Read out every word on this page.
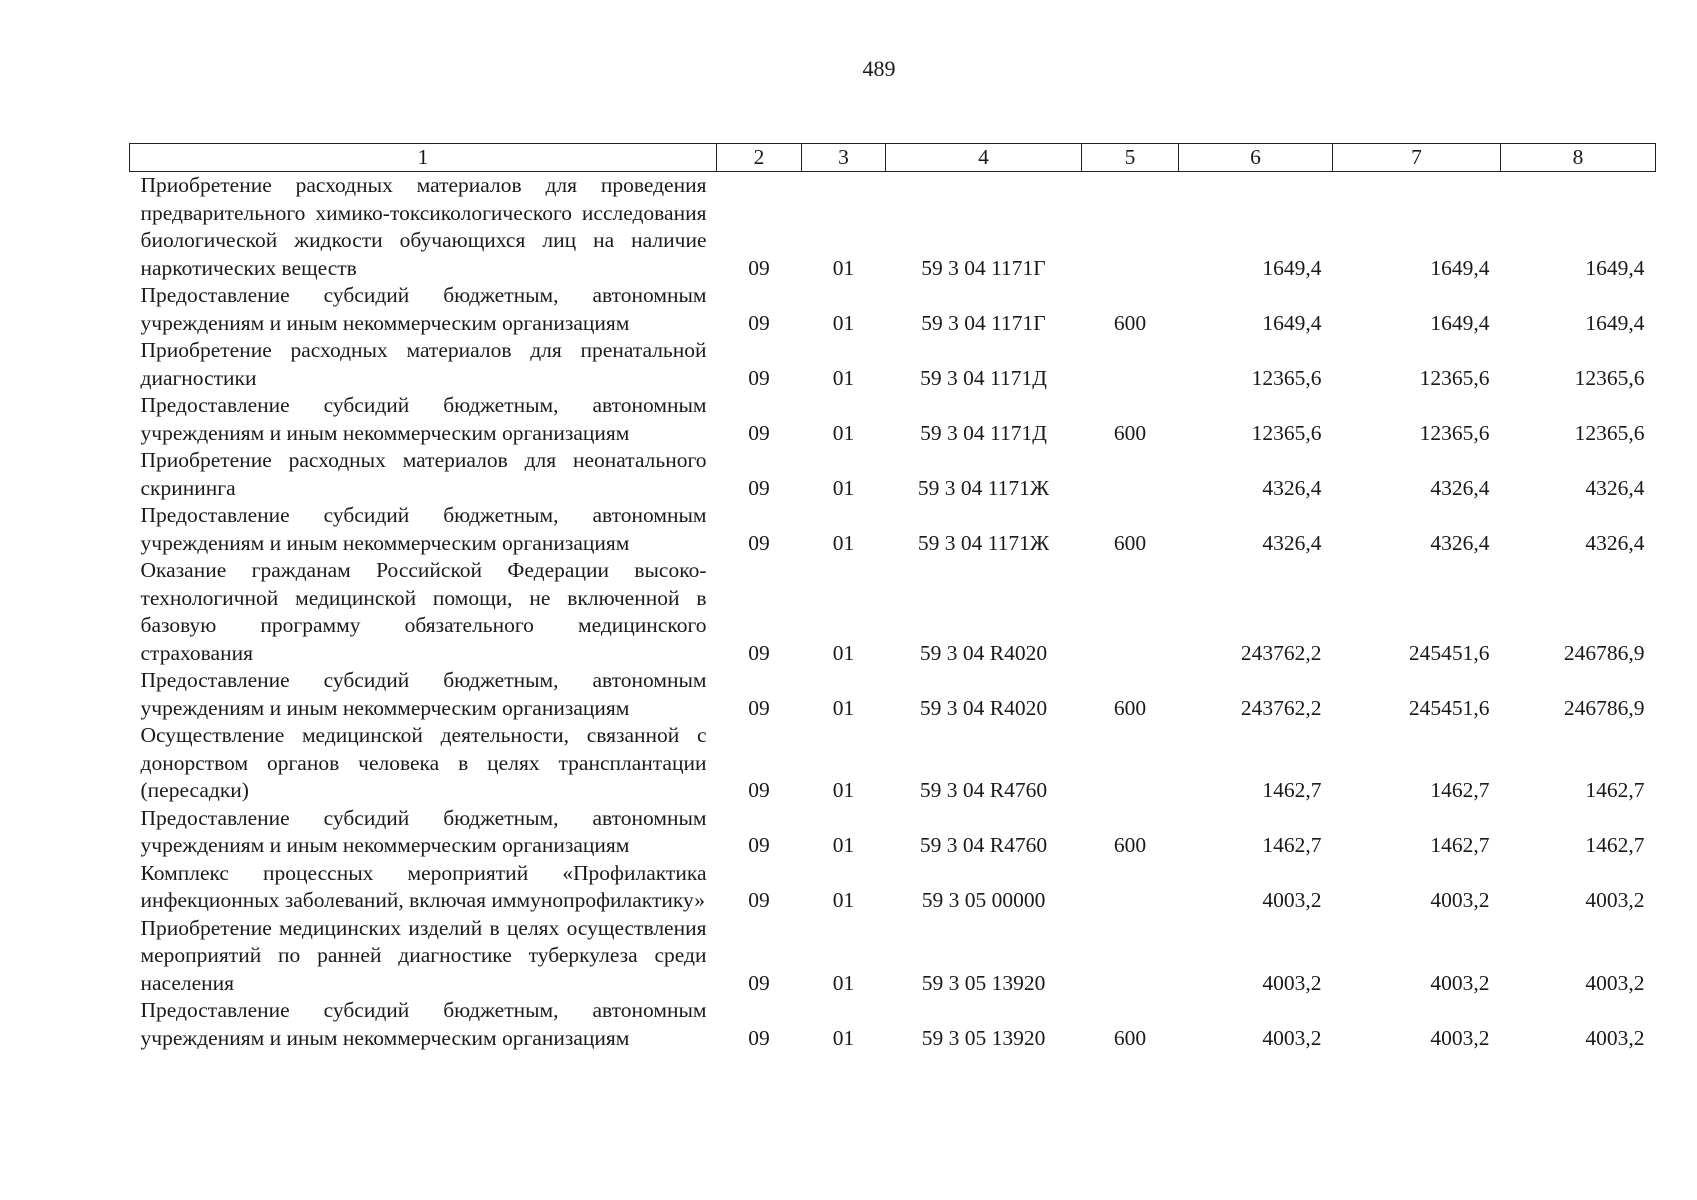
489
1	2	3	4	5	6	7	8
Приобретение расходных материалов для проведения предварительного химико-токсикологического исследования биологической жидкости обучающихся лиц на наличие наркотических веществ	09	01	59 3 04 1171Г		1649,4	1649,4	1649,4
Предоставление субсидий бюджетным, автономным учреждениям и иным некоммерческим организациям	09	01	59 3 04 1171Г	600	1649,4	1649,4	1649,4
Приобретение расходных материалов для пренатальной диагностики	09	01	59 3 04 1171Д		12365,6	12365,6	12365,6
Предоставление субсидий бюджетным, автономным учреждениям и иным некоммерческим организациям	09	01	59 3 04 1171Д	600	12365,6	12365,6	12365,6
Приобретение расходных материалов для неонатального скрининга	09	01	59 3 04 1171Ж		4326,4	4326,4	4326,4
Предоставление субсидий бюджетным, автономным учреждениям и иным некоммерческим организациям	09	01	59 3 04 1171Ж	600	4326,4	4326,4	4326,4
Оказание гражданам Российской Федерации высокотехнологичной медицинской помощи, не включенной в базовую программу обязательного медицинского страхования	09	01	59 3 04 R4020		243762,2	245451,6	246786,9
Предоставление субсидий бюджетным, автономным учреждениям и иным некоммерческим организациям	09	01	59 3 04 R4020	600	243762,2	245451,6	246786,9
Осуществление медицинской деятельности, связанной с донорством органов человека в целях трансплантации (пересадки)	09	01	59 3 04 R4760		1462,7	1462,7	1462,7
Предоставление субсидий бюджетным, автономным учреждениям и иным некоммерческим организациям	09	01	59 3 04 R4760	600	1462,7	1462,7	1462,7
Комплекс процессных мероприятий «Профилактика инфекционных заболеваний, включая иммунопрофилактику»	09	01	59 3 05 00000		4003,2	4003,2	4003,2
Приобретение медицинских изделий в целях осуществления мероприятий по ранней диагностике туберкулеза среди населения	09	01	59 3 05 13920		4003,2	4003,2	4003,2
Предоставление субсидий бюджетным, автономным учреждениям и иным некоммерческим организациям	09	01	59 3 05 13920	600	4003,2	4003,2	4003,2
